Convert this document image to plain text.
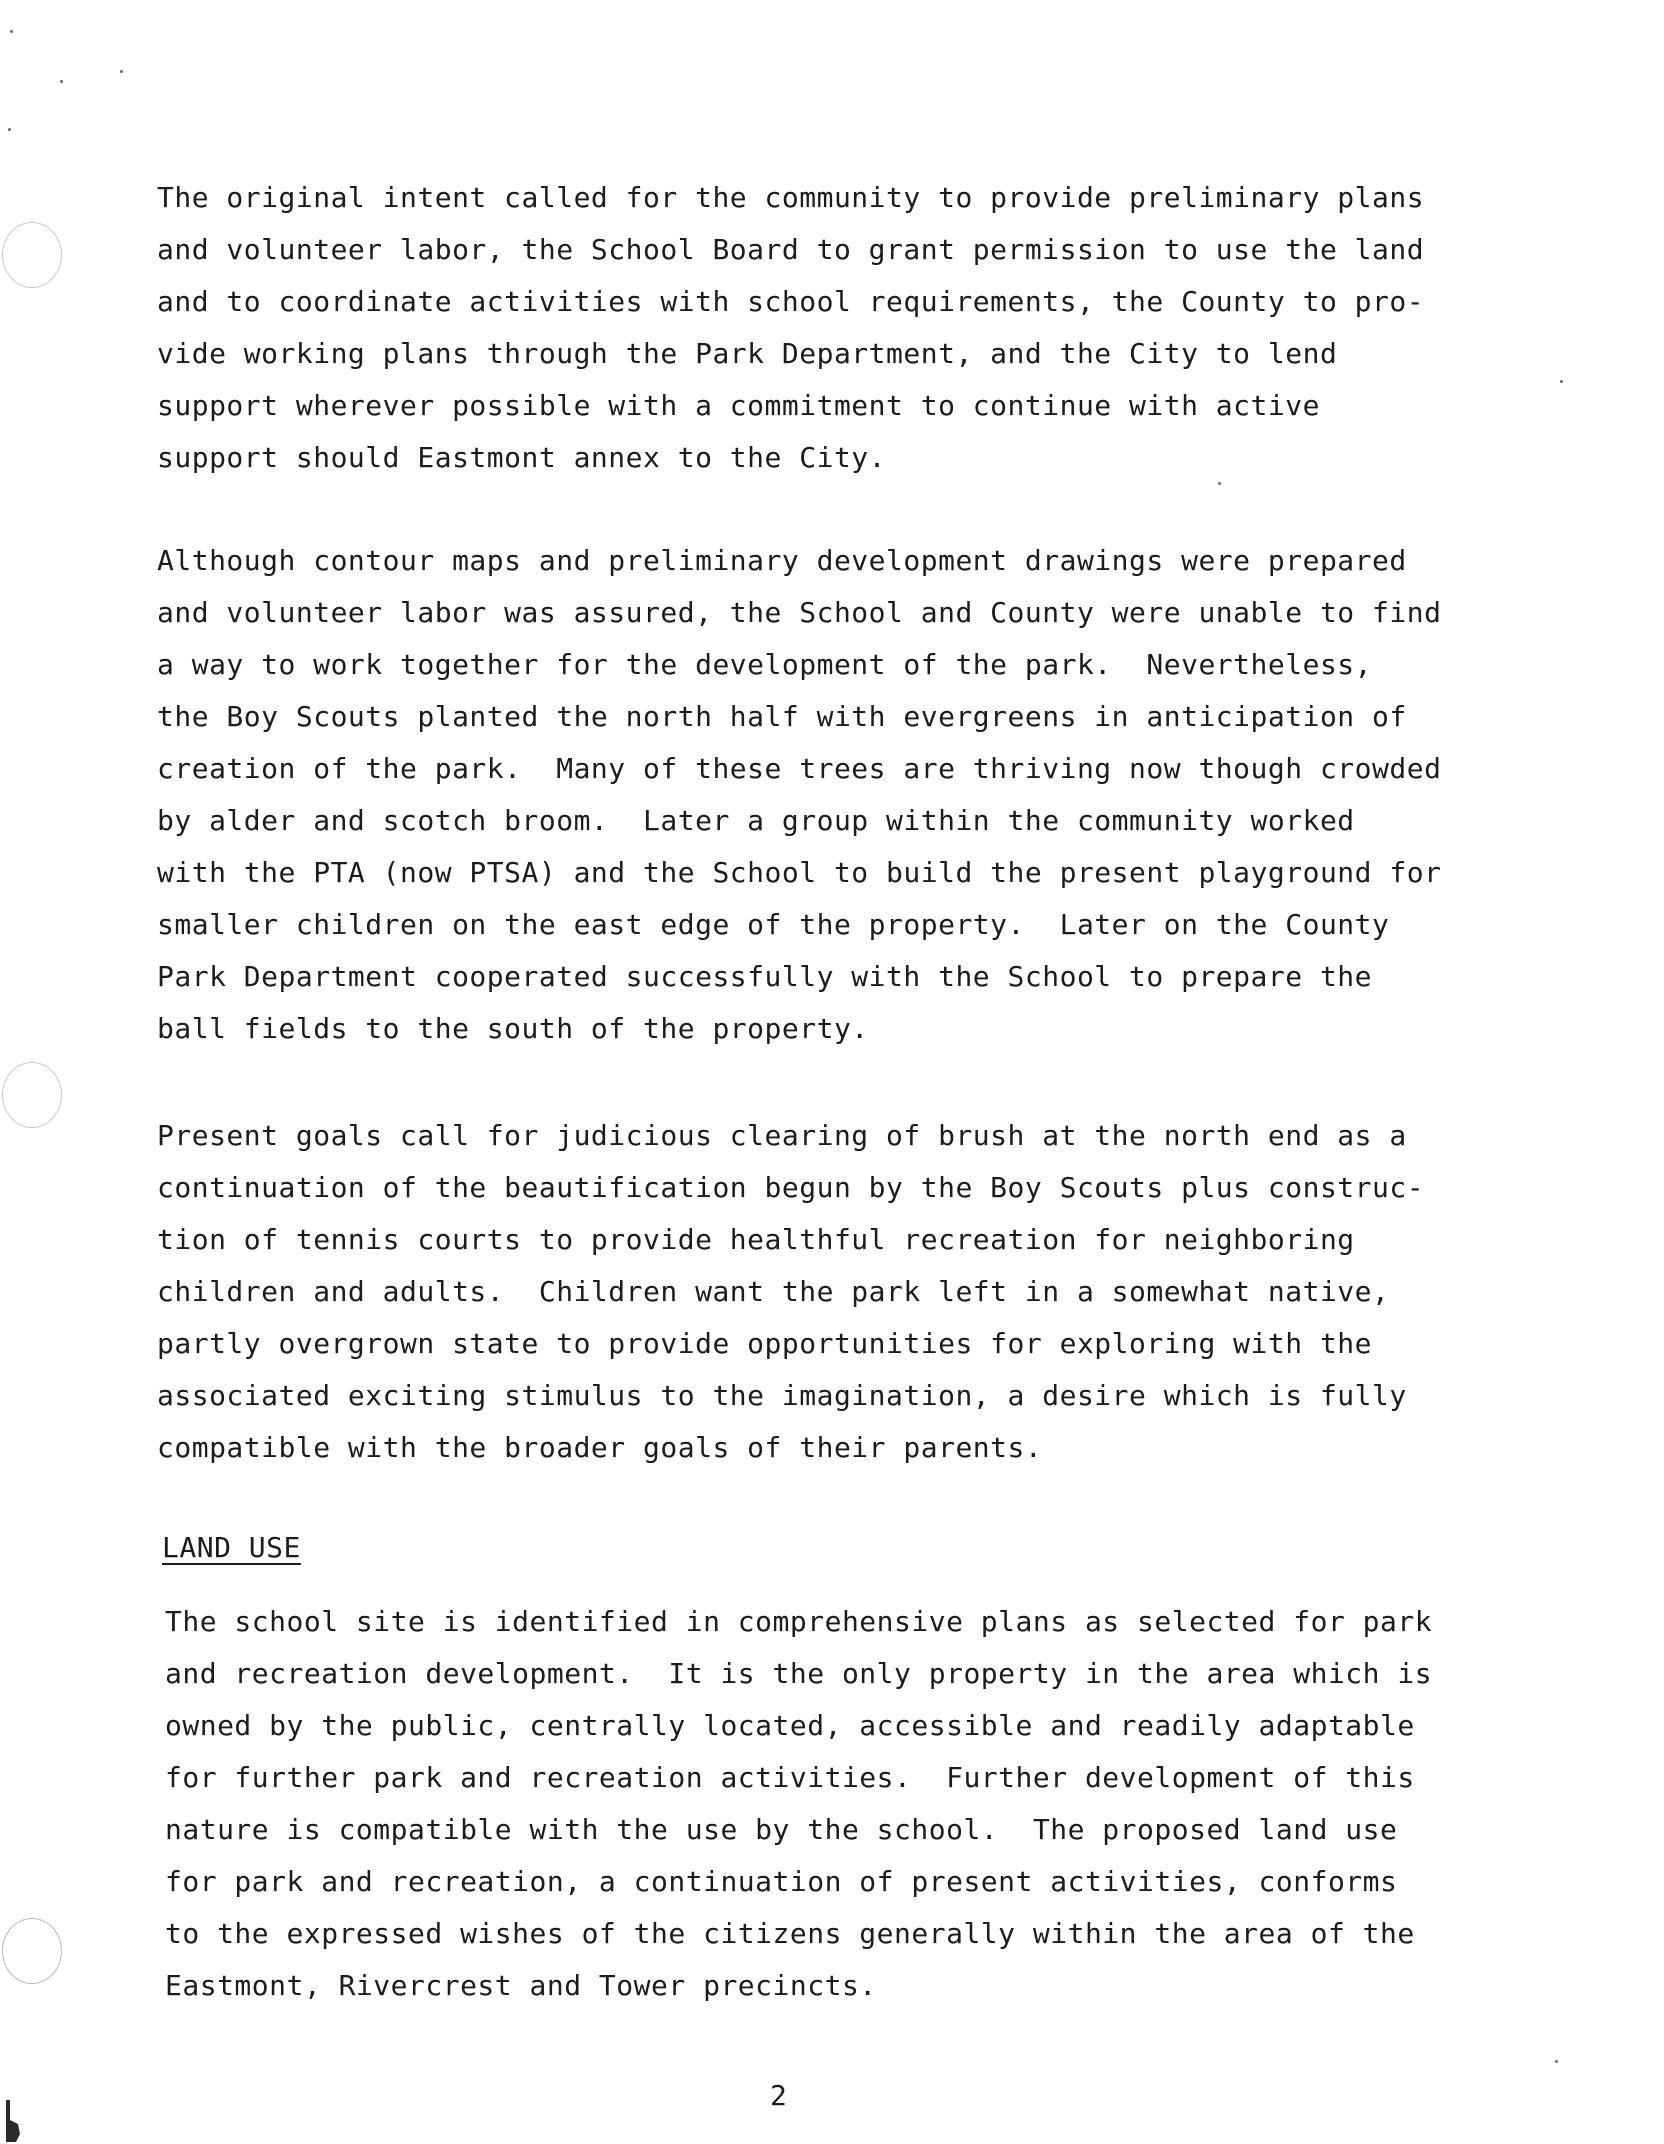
The original intent called for the community to provide preliminary plans
and volunteer labor, the School Board to grant permission to use the land
and to coordinate activities with school requirements, the County to pro-
vide working plans through the Park Department, and the City to lend
support wherever possible with a commitment to continue with active
support should Eastmont annex to the City.
Although contour maps and preliminary development drawings were prepared
and volunteer labor was assured, the School and County were unable to find
a way to work together for the development of the park.  Nevertheless,
the Boy Scouts planted the north half with evergreens in anticipation of
creation of the park.  Many of these trees are thriving now though crowded
by alder and scotch broom.  Later a group within the community worked
with the PTA (now PTSA) and the School to build the present playground for
smaller children on the east edge of the property.  Later on the County
Park Department cooperated successfully with the School to prepare the
ball fields to the south of the property.
Present goals call for judicious clearing of brush at the north end as a
continuation of the beautification begun by the Boy Scouts plus construc-
tion of tennis courts to provide healthful recreation for neighboring
children and adults.  Children want the park left in a somewhat native,
partly overgrown state to provide opportunities for exploring with the
associated exciting stimulus to the imagination, a desire which is fully
compatible with the broader goals of their parents.
LAND USE
The school site is identified in comprehensive plans as selected for park
and recreation development.  It is the only property in the area which is
owned by the public, centrally located, accessible and readily adaptable
for further park and recreation activities.  Further development of this
nature is compatible with the use by the school.  The proposed land use
for park and recreation, a continuation of present activities, conforms
to the expressed wishes of the citizens generally within the area of the
Eastmont, Rivercrest and Tower precincts.
2
